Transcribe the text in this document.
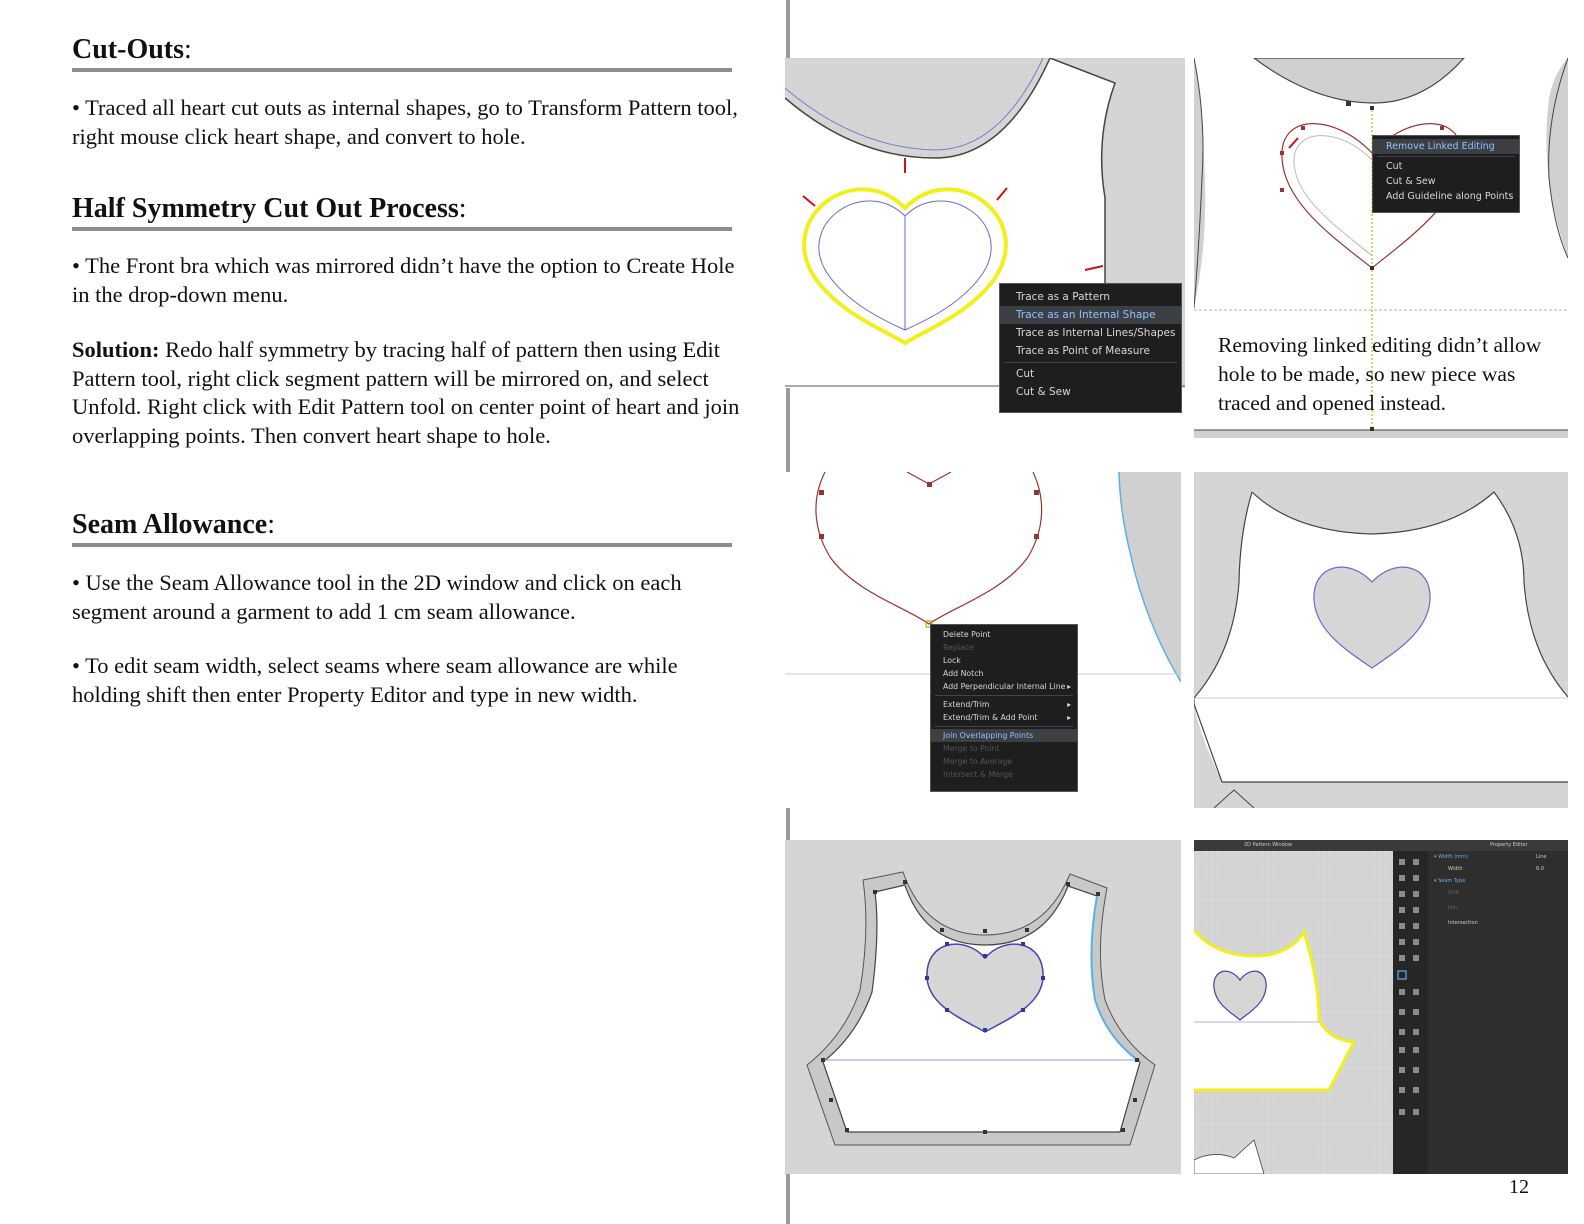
Cut-Outs:

• Traced all heart cut outs as internal shapes, go to Transform Pattern tool, right mouse click heart shape, and convert to hole.

Half Symmetry Cut Out Process:

• The Front bra which was mirrored didn’t have the option to Create Hole in the drop-down menu.

Solution: Redo half symmetry by tracing half of pattern then using Edit Pattern tool, right click segment pattern will be mirrored on, and select Unfold. Right click with Edit Pattern tool on center point of heart and join overlapping points. Then convert heart shape to hole.

Seam Allowance:

• Use the Seam Allowance tool in the 2D window and click on each segment around a garment to add 1 cm seam allowance.

• To edit seam width, select seams where seam allowance are while holding shift then enter Property Editor and type in new width.

Trace as a Pattern
Trace as an Internal Shape
Trace as Internal Lines/Shapes
Trace as Point of Measure
Cut
Cut & Sew
Remove Linked Editing
Cut
Cut & Sew
Add Guideline along Points
Removing linked editing didn’t allow hole to be made, so new piece was traced and opened instead.
Delete Point
Replace
Lock
Add Notch
Add Perpendicular Internal Line ▸
Extend/Trim	▸
Extend/Trim & Add Point	▸
Join Overlapping Points
Merge to Point
Merge to Average
Intersect & Merge
2D Pattern Window	Property Editor
▾ Width (mm)	Line
Width	6.0
▾ Seam Type
Shift
Join
Intersection
12
